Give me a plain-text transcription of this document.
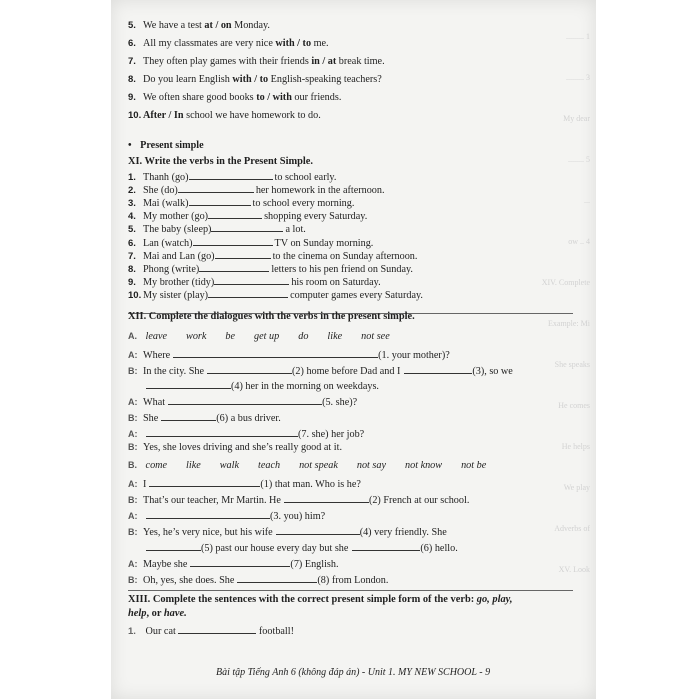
......... 1
......... 3
My dear
........ 5
...
ow .. 4
XIV. Complete
Example: Mi
She speaks
He comes
He helps
We play
Adverbs of
XV. Look
5. We have a test at / on Monday.
6. All my classmates are very nice with / to me.
7. They often play games with their friends in / at break time.
8. Do you learn English with / to English-speaking teachers?
9. We often share good books to / with our friends.
10. After / In school we have homework to do.
• Present simple
XI. Write the verbs in the Present Simple.
1. Thanh (go)	to school early.
2. She (do)	her homework in the afternoon.
3. Mai (walk)	to school every morning.
4. My mother (go)	shopping every Saturday.
5. The baby (sleep)	a lot.
6. Lan (watch)	TV on Sunday morning.
7. Mai and Lan (go)	to the cinema on Sunday afternoon.
8. Phong (write)	letters to his pen friend on Sunday.
9. My brother (tidy)	his room on Saturday.
10. My sister (play)	computer games every Saturday.
XII. Complete the dialogues with the verbs in the present simple.
A. leave work be get up do like not see
A: Where	(1. your mother)?
B: In the city. She	(2) home before Dad and I	(3), so we
(4) her in the morning on weekdays.
A: What	(5. she)?
B: She	(6) a bus driver.
A:	(7. she) her job?
B: Yes, she loves driving and she’s really good at it.
B. come like walk teach not speak not say not know not be
A: I	(1) that man. Who is he?
B: That’s our teacher, Mr Martin. He	(2) French at our school.
A:	(3. you) him?
B: Yes, he’s very nice, but his wife	(4) very friendly. She
(5) past our house every day but she	(6) hello.
A: Maybe she	(7) English.
B: Oh, yes, she does. She	(8) from London.
XIII. Complete the sentences with the correct present simple form of the verb: go, play,
help, or have.
1. Our cat	football!
Bài tập Tiếng Anh 6 (không đáp án) - Unit 1. MY NEW SCHOOL - 9
